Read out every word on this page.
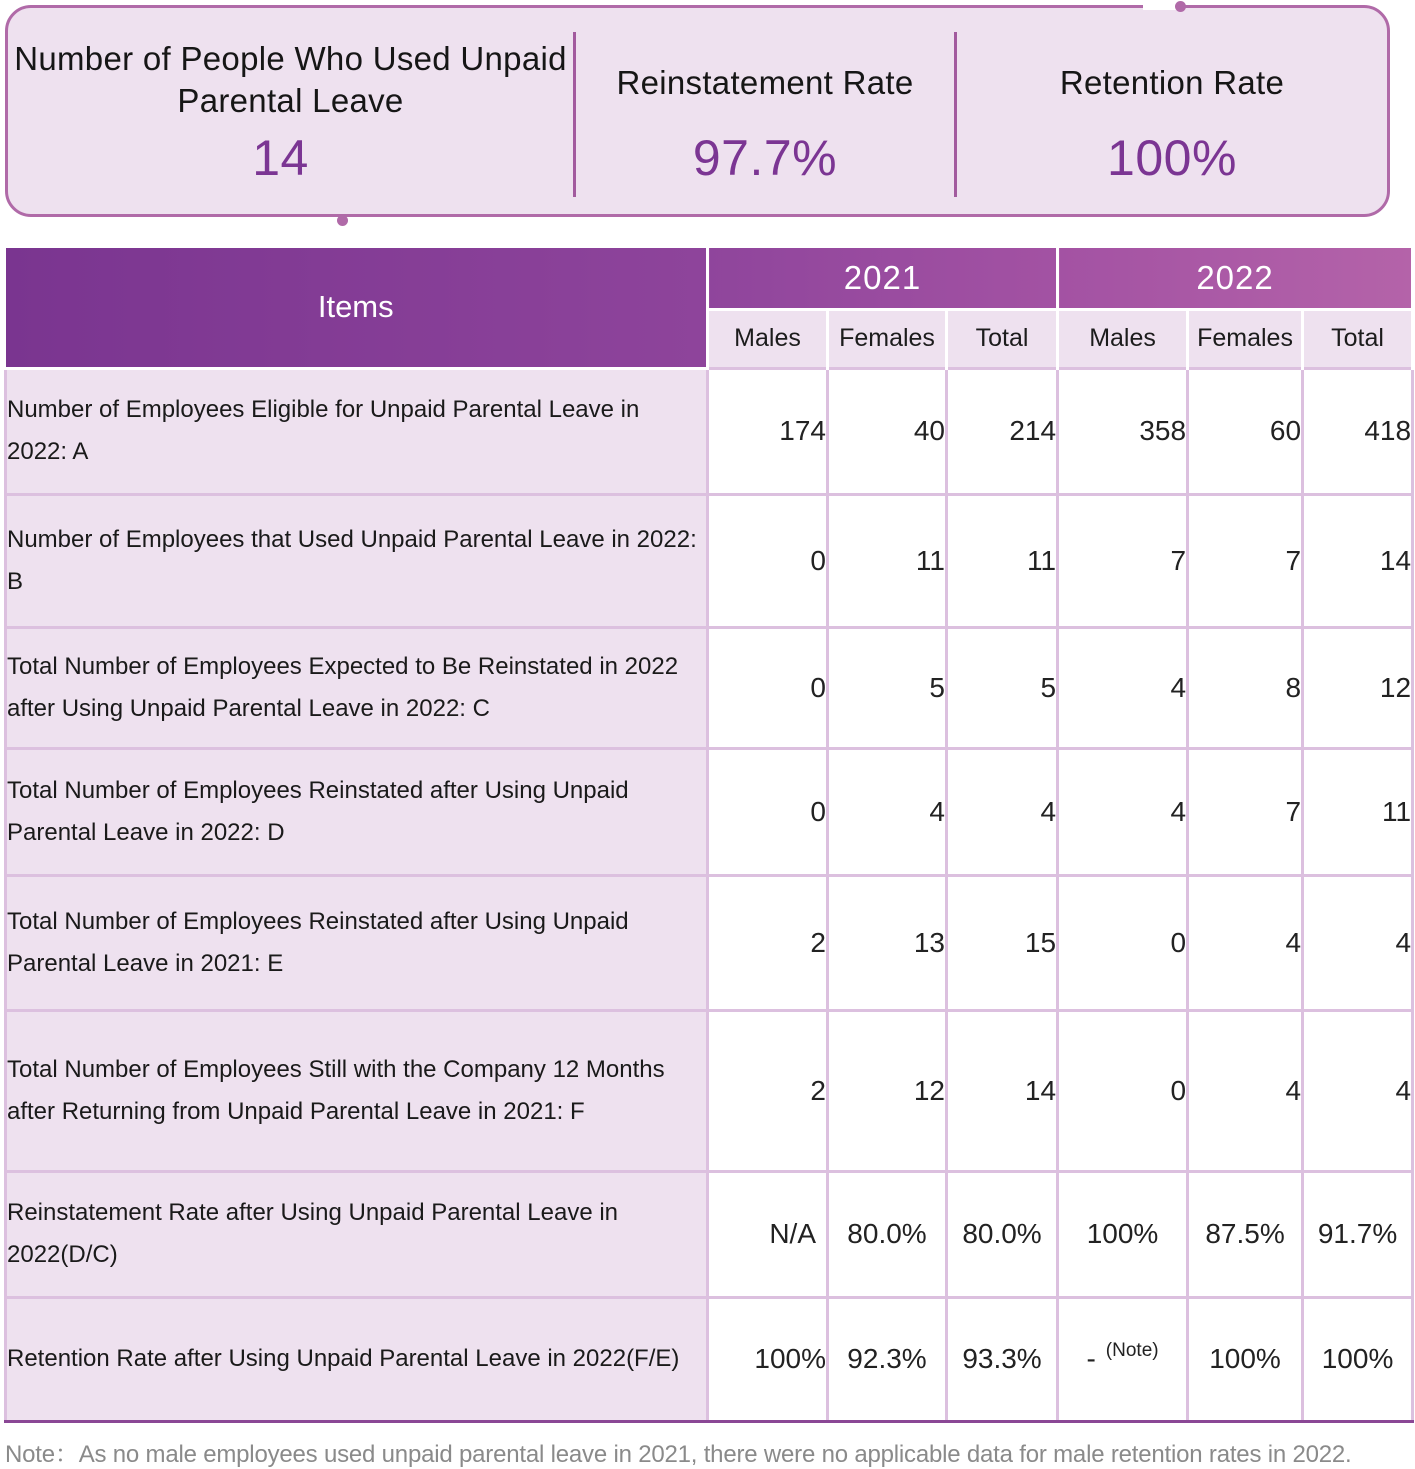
Number of People Who Used Unpaid Parental Leave
14
Reinstatement Rate
97.7%
Retention Rate
100%
Items	2021			2022		
	Males	Females	Total	Males	Females	Total
Number of Employees Eligible for Unpaid Parental Leave in 2022: A	174	40	214	358	60	418
Number of Employees that Used Unpaid Parental Leave in 2022: B	0	11	11	7	7	14
Total Number of Employees Expected to Be Reinstated in 2022 after Using Unpaid Parental Leave in 2022: C	0	5	5	4	8	12
Total Number of Employees Reinstated after Using Unpaid Parental Leave in 2022: D	0	4	4	4	7	11
Total Number of Employees Reinstated after Using Unpaid Parental Leave in 2021: E	2	13	15	0	4	4
Total Number of Employees Still with the Company 12 Months after Returning from Unpaid Parental Leave in 2021: F	2	12	14	0	4	4
Reinstatement Rate after Using Unpaid Parental Leave in 2022(D/C)	N/A	80.0%	80.0%	100%	87.5%	91.7%
Retention Rate after Using Unpaid Parental Leave in 2022(F/E)	100%	92.3%	93.3%	- $^{(Note)}$	100%	100%
Note：As no male employees used unpaid parental leave in 2021, there were no applicable data for male retention rates in 2022.
